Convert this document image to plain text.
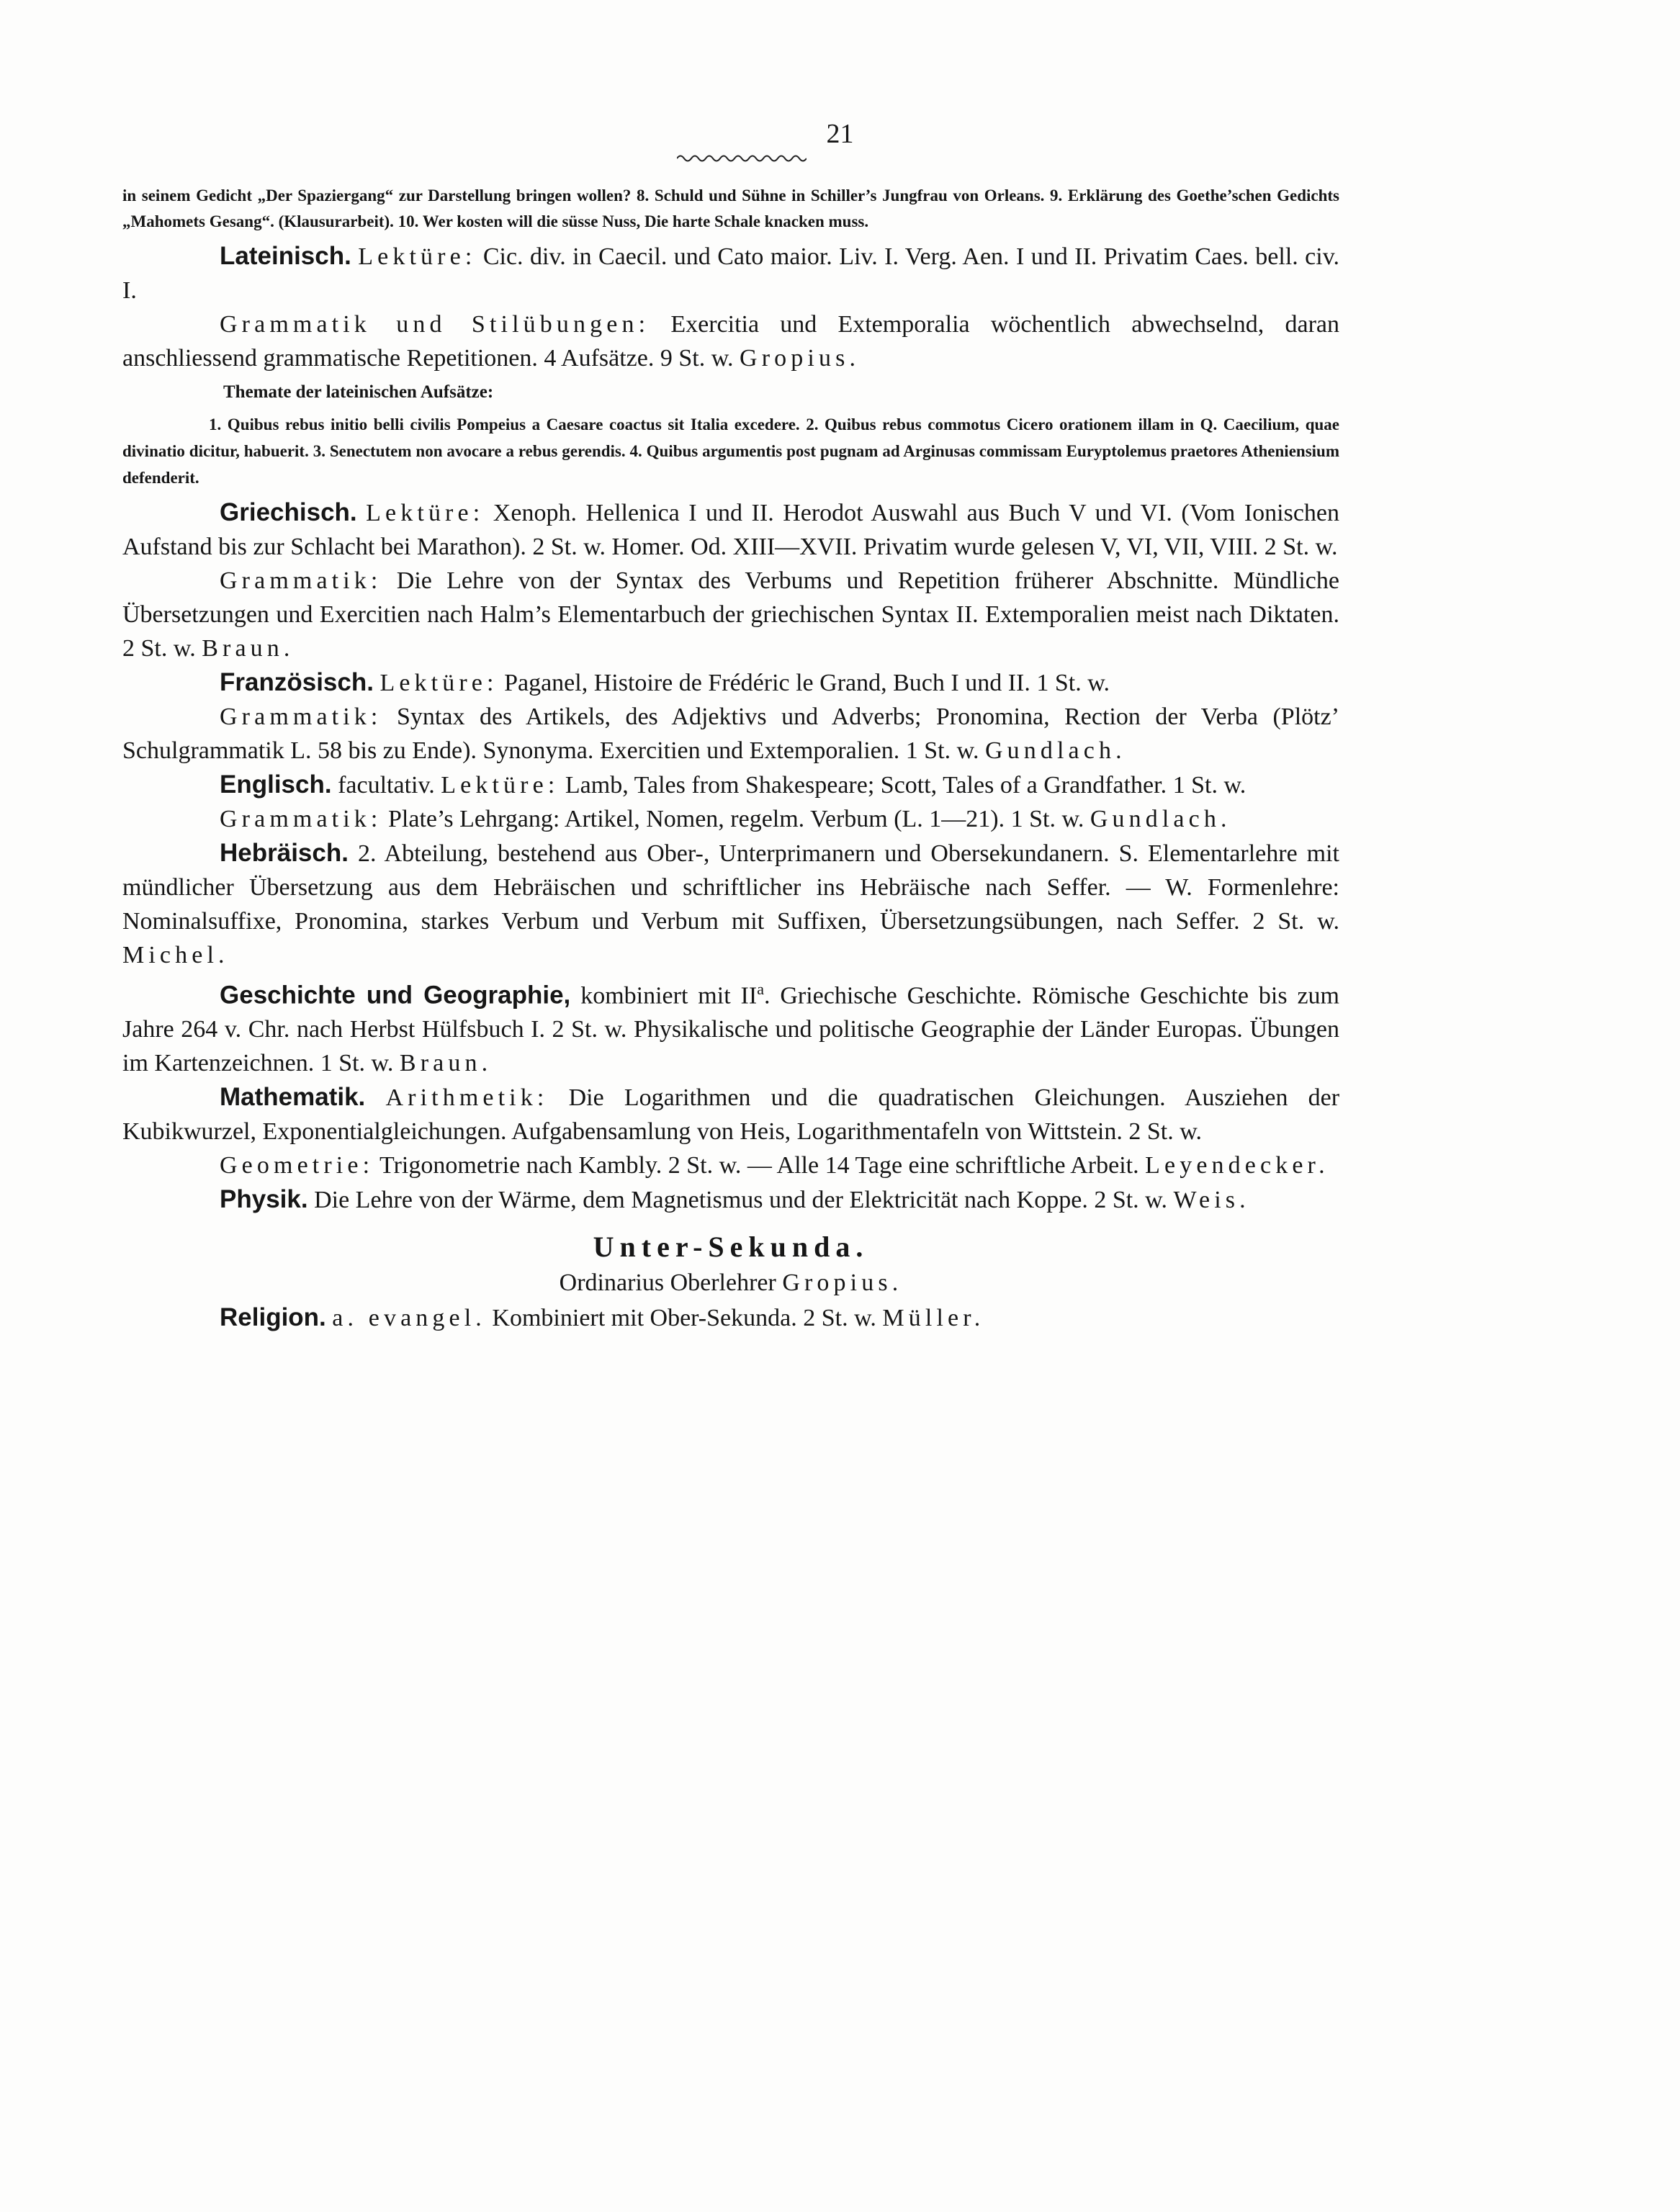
21

in seinem Gedicht „Der Spaziergang“ zur Darstellung bringen wollen? 8. Schuld und Sühne in Schiller’s Jungfrau von Orleans. 9. Erklärung des Goethe’schen Gedichts „Mahomets Gesang“. (Klausurarbeit). 10. Wer kosten will die süsse Nuss, Die harte Schale knacken muss.

Lateinisch. Lektüre: Cic. div. in Caecil. und Cato maior. Liv. I. Verg. Aen. I und II. Privatim Caes. bell. civ. I.

Grammatik und Stilübungen: Exercitia und Extemporalia wöchentlich abwechselnd, daran anschliessend grammatische Repetitionen. 4 Aufsätze. 9 St. w. Gropius.

Themate der lateinischen Aufsätze:

1. Quibus rebus initio belli civilis Pompeius a Caesare coactus sit Italia excedere. 2. Quibus rebus commotus Cicero orationem illam in Q. Caecilium, quae divinatio dicitur, habuerit. 3. Senectutem non avocare a rebus gerendis. 4. Quibus argumentis post pugnam ad Arginusas commissam Euryptolemus praetores Atheniensium defenderit.

Griechisch. Lektüre: Xenoph. Hellenica I und II. Herodot Auswahl aus Buch V und VI. (Vom Ionischen Aufstand bis zur Schlacht bei Marathon). 2 St. w. Homer. Od. XIII—XVII. Privatim wurde gelesen V, VI, VII, VIII. 2 St. w.

Grammatik: Die Lehre von der Syntax des Verbums und Repetition früherer Abschnitte. Mündliche Übersetzungen und Exercitien nach Halm’s Elementarbuch der griechischen Syntax II. Extemporalien meist nach Diktaten. 2 St. w. Braun.

Französisch. Lektüre: Paganel, Histoire de Frédéric le Grand, Buch I und II. 1 St. w.

Grammatik: Syntax des Artikels, des Adjektivs und Adverbs; Pronomina, Rection der Verba (Plötz’ Schulgrammatik L. 58 bis zu Ende). Synonyma. Exercitien und Extemporalien. 1 St. w. Gundlach.

Englisch. facultativ. Lektüre: Lamb, Tales from Shakespeare; Scott, Tales of a Grandfather. 1 St. w.

Grammatik: Plate’s Lehrgang: Artikel, Nomen, regelm. Verbum (L. 1—21). 1 St. w. Gundlach.

Hebräisch. 2. Abteilung, bestehend aus Ober-, Unterprimanern und Obersekundanern. S. Elementarlehre mit mündlicher Übersetzung aus dem Hebräischen und schriftlicher ins Hebräische nach Seffer. — W. Formenlehre: Nominalsuffixe, Pronomina, starkes Verbum und Verbum mit Suffixen, Übersetzungsübungen, nach Seffer. 2 St. w. Michel.

Geschichte und Geographie, kombiniert mit $II^a$. Griechische Geschichte. Römische Geschichte bis zum Jahre 264 v. Chr. nach Herbst Hülfsbuch I. 2 St. w. Physikalische und politische Geographie der Länder Europas. Übungen im Kartenzeichnen. 1 St. w. Braun.

Mathematik. Arithmetik: Die Logarithmen und die quadratischen Gleichungen. Ausziehen der Kubikwurzel, Exponentialgleichungen. Aufgabensamlung von Heis, Logarithmentafeln von Wittstein. 2 St. w.

Geometrie: Trigonometrie nach Kambly. 2 St. w. — Alle 14 Tage eine schriftliche Arbeit. Leyendecker.

Physik. Die Lehre von der Wärme, dem Magnetismus und der Elektricität nach Koppe. 2 St. w. Weis.

Unter-Sekunda.

Ordinarius Oberlehrer Gropius.

Religion. a. evangel. Kombiniert mit Ober-Sekunda. 2 St. w. Müller.
